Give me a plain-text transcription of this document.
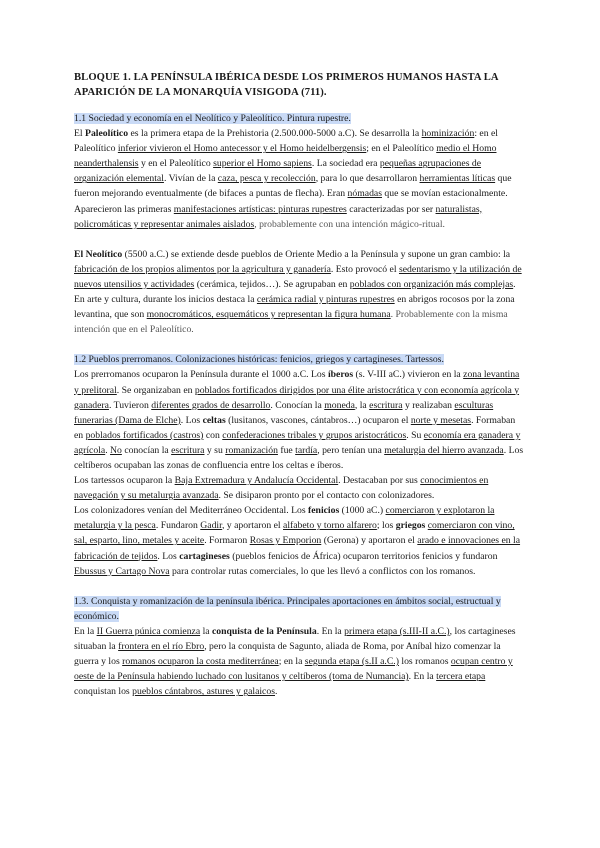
BLOQUE 1. LA PENÍNSULA IBÉRICA DESDE LOS PRIMEROS HUMANOS HASTA LA APARICIÓN DE LA MONARQUÍA VISIGODA (711).
1.1 Sociedad y economía en el Neolítico y Paleolítico. Pintura rupestre.

El Paleolítico es la primera etapa de la Prehistoria (2.500.000-5000 a.C). Se desarrolla la hominización: en el Paleolítico inferior vivieron el Homo antecessor y el Homo heidelbergensis; en el Paleolítico medio el Homo neanderthalensis y en el Paleolítico superior el Homo sapiens. La sociedad era pequeñas agrupaciones de organización elemental. Vivían de la caza, pesca y recolección, para lo que desarrollaron herramientas líticas que fueron mejorando eventualmente (de bifaces a puntas de flecha). Eran nómadas que se movían estacionalmente. Aparecieron las primeras manifestaciones artísticas: pinturas rupestres caracterizadas por ser naturalistas, policromáticas y representar animales aislados, probablemente con una intención mágico-ritual.

El Neolítico (5500 a.C.) se extiende desde pueblos de Oriente Medio a la Península y supone un gran cambio: la fabricación de los propios alimentos por la agricultura y ganadería. Esto provocó el sedentarismo y la utilización de nuevos utensilios y actividades (cerámica, tejidos…). Se agrupaban en poblados con organización más complejas. En arte y cultura, durante los inicios destaca la cerámica radial y pinturas rupestres en abrigos rocosos por la zona levantina, que son monocromáticos, esquemáticos y representan la figura humana. Probablemente con la misma intención que en el Paleolítico.

1.2 Pueblos prerromanos. Colonizaciones históricas: fenicios, griegos y cartagineses. Tartessos.

Los prerromanos ocuparon la Península durante el 1000 a.C. Los íberos (s. V-III aC.) vivieron en la zona levantina y prelitoral. Se organizaban en poblados fortificados dirigidos por una élite aristocrática y con economía agrícola y ganadera. Tuvieron diferentes grados de desarrollo. Conocían la moneda, la escritura y realizaban esculturas funerarias (Dama de Elche). Los celtas (lusitanos, vascones, cántabros…) ocuparon el norte y mesetas. Formaban en poblados fortificados (castros) con confederaciones tribales y grupos aristocráticos. Su economía era ganadera y agrícola. No conocían la escritura y su romanización fue tardía, pero tenían una metalurgia del hierro avanzada. Los celtíberos ocupaban las zonas de confluencia entre los celtas e íberos.

Los tartessos ocuparon la Baja Extremadura y Andalucía Occidental. Destacaban por sus conocimientos en navegación y su metalurgia avanzada. Se disiparon pronto por el contacto con colonizadores.

Los colonizadores venían del Mediterráneo Occidental. Los fenicios (1000 aC.) comerciaron y explotaron la metalurgia y la pesca. Fundaron Gadir, y aportaron el alfabeto y torno alfarero; los griegos comerciaron con vino, sal, esparto, lino, metales y aceite. Formaron Rosas y Emporion (Gerona) y aportaron el arado e innovaciones en la fabricación de tejidos. Los cartagineses (pueblos fenicios de África) ocuparon territorios fenicios y fundaron Ebussus y Cartago Nova para controlar rutas comerciales, lo que les llevó a conflictos con los romanos.

1.3. Conquista y romanización de la península ibérica. Principales aportaciones en ámbitos social, estructual y económico.

En la II Guerra púnica comienza la conquista de la Península. En la primera etapa (s.III-II a.C.), los cartagineses situaban la frontera en el río Ebro, pero la conquista de Sagunto, aliada de Roma, por Aníbal hizo comenzar la guerra y los romanos ocuparon la costa mediterránea; en la segunda etapa (s.II a.C.) los romanos ocupan centro y oeste de la Península habiendo luchado con lusitanos y celtíberos (toma de Numancia). En la tercera etapa conquistan los pueblos cántabros, astures y galaicos.
